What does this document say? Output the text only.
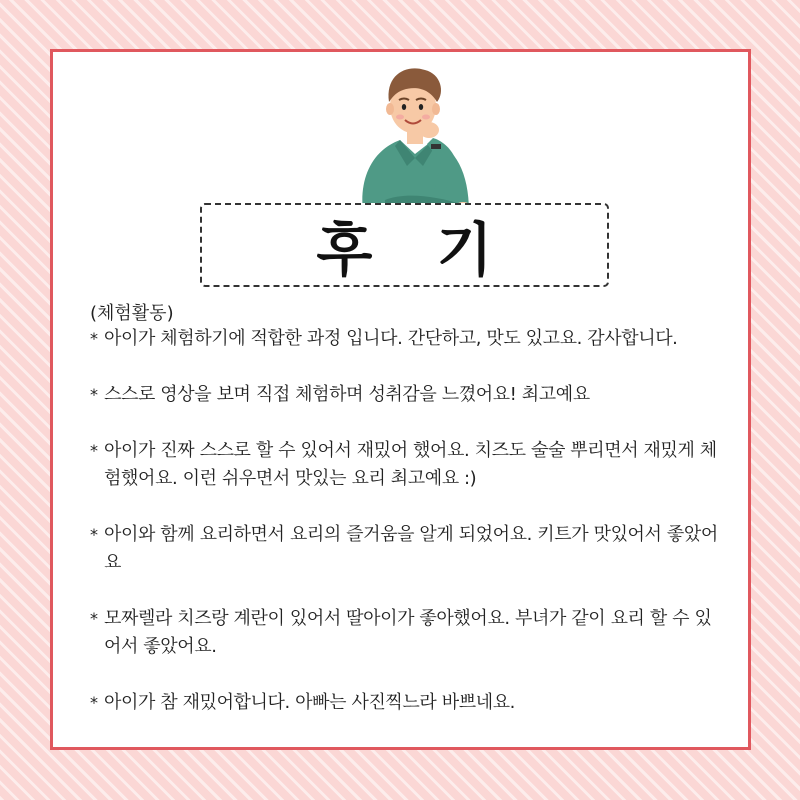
후 기
(체험활동)
* 아이가 체험하기에 적합한 과정 입니다. 간단하고, 맛도 있고요. 감사합니다.
* 스스로 영상을 보며 직접 체험하며 성취감을 느꼈어요! 최고예요
* 아이가 진짜 스스로 할 수 있어서 재밌어 했어요. 치즈도 술술 뿌리면서 재밌게 체험했어요. 이런 쉬우면서 맛있는 요리 최고예요 :)
* 아이와 함께 요리하면서 요리의 즐거움을 알게 되었어요. 키트가 맛있어서 좋았어요
* 모짜렐라 치즈랑 계란이 있어서 딸아이가 좋아했어요. 부녀가 같이 요리 할 수 있어서 좋았어요.
* 아이가 참 재밌어합니다. 아빠는 사진찍느라 바쁘네요.
